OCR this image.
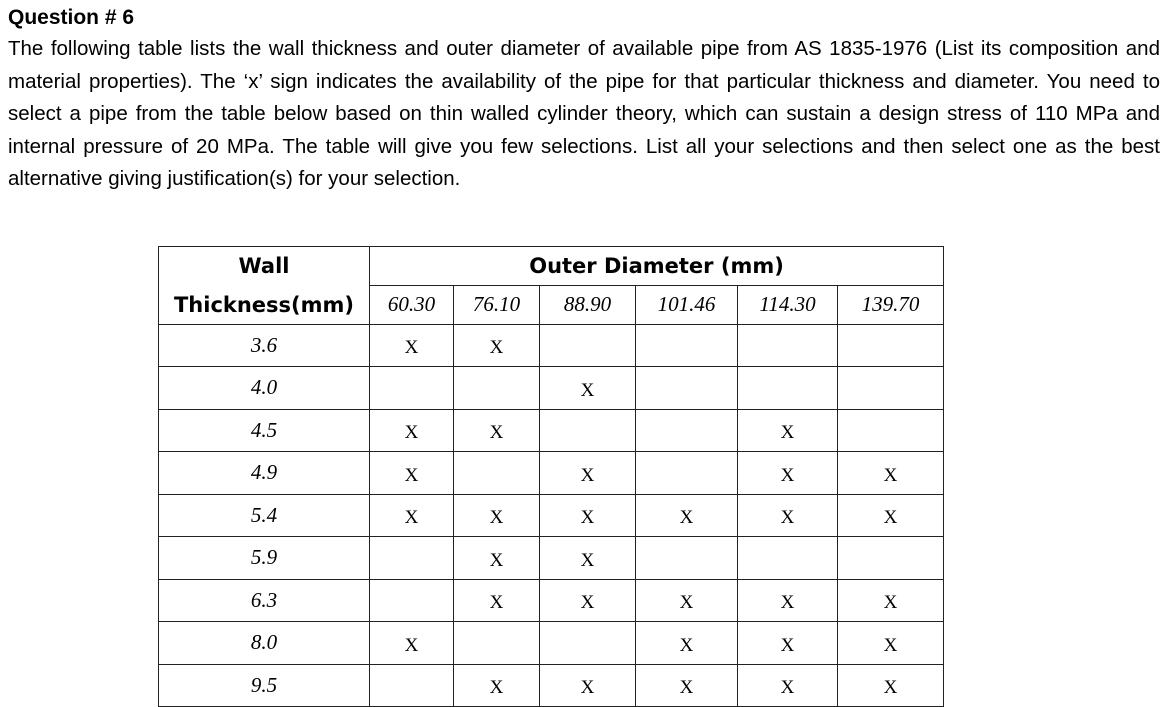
Question # 6

The following table lists the wall thickness and outer diameter of available pipe from AS 1835-1976 (List its composition and material properties). The ‘x’ sign indicates the availability of the pipe for that particular thickness and diameter. You need to select a pipe from the table below based on thin walled cylinder theory, which can sustain a design stress of 110 MPa and internal pressure of 20 MPa. The table will give you few selections. List all your selections and then select one as the best alternative giving justification(s) for your selection.

Wall	Outer Diameter (mm)					
Thickness(mm)	60.30	76.10	88.90	101.46	114.30	139.70
3.6	X	X				
4.0			X			
4.5	X	X			X	
4.9	X		X		X	X
5.4	X	X	X	X	X	X
5.9		X	X			
6.3		X	X	X	X	X
8.0	X			X	X	X
9.5		X	X	X	X	X
